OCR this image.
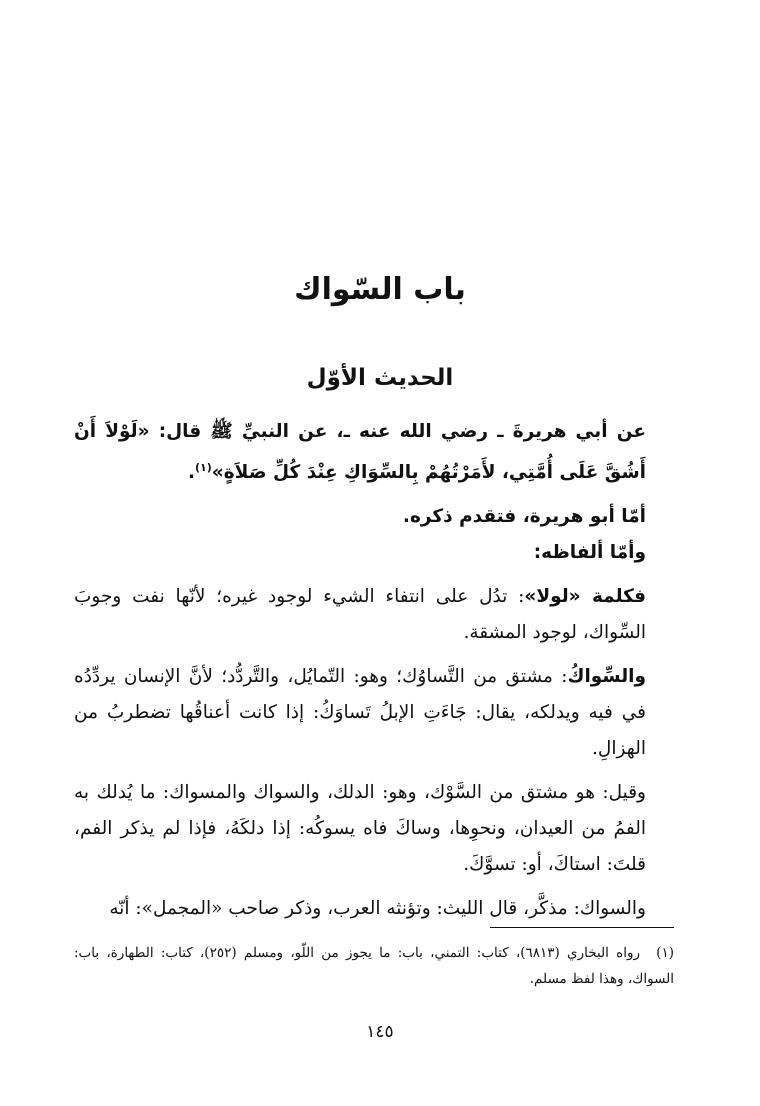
باب السّواك
الحديث الأوّل

عن أبي هريرةَ ـ رضي الله عنه ـ، عن النبيِّ ﷺ قال: «لَوْلاَ أَنْ أَشُقَّ عَلَى أُمَّتِي، لأَمَرْتُهُمْ بِالسِّوَاكِ عِنْدَ كُلِّ صَلاَةٍ»$^{(١)}$.

أمّا أبو هريرة، فتقدم ذكره.

وأمّا ألفاظه:

فكلمة «لولا»: تدُل على انتفاء الشيء لوجود غيره؛ لأنّها نفت وجوبَ السِّواك، لوجود المشقة.

والسِّواكُ: مشتق من التَّساوُك؛ وهو: التّمايُل، والتَّردُّد؛ لأنَّ الإنسان يردِّدُه في فيه ويدلكه، يقال: جَاءَتِ الإبلُ تَساوَكُ: إذا كانت أعناقُها تضطربُ من الهزالِ.

وقيل: هو مشتق من السَّوْك، وهو: الدلك، والسواك والمسواك: ما يُدلك به الفمُ من العيدان، ونحوِها، وساكَ فاه يسوكُه: إذا دلكَهُ، فإذا لم يذكر الفم، قلتَ: استاكَ، أو: تسوَّكَ.

والسواك: مذكَّر، قال الليث: وتؤنثه العرب، وذكر صاحب «المجمل»: أنّه

(١)رواه البخاري (٦٨١٣)، كتاب: التمني، باب: ما يجوز من اللّو، ومسلم (٢٥٢)، كتاب: الطهارة، باب: السواك، وهذا لفظ مسلم.
١٤٥
